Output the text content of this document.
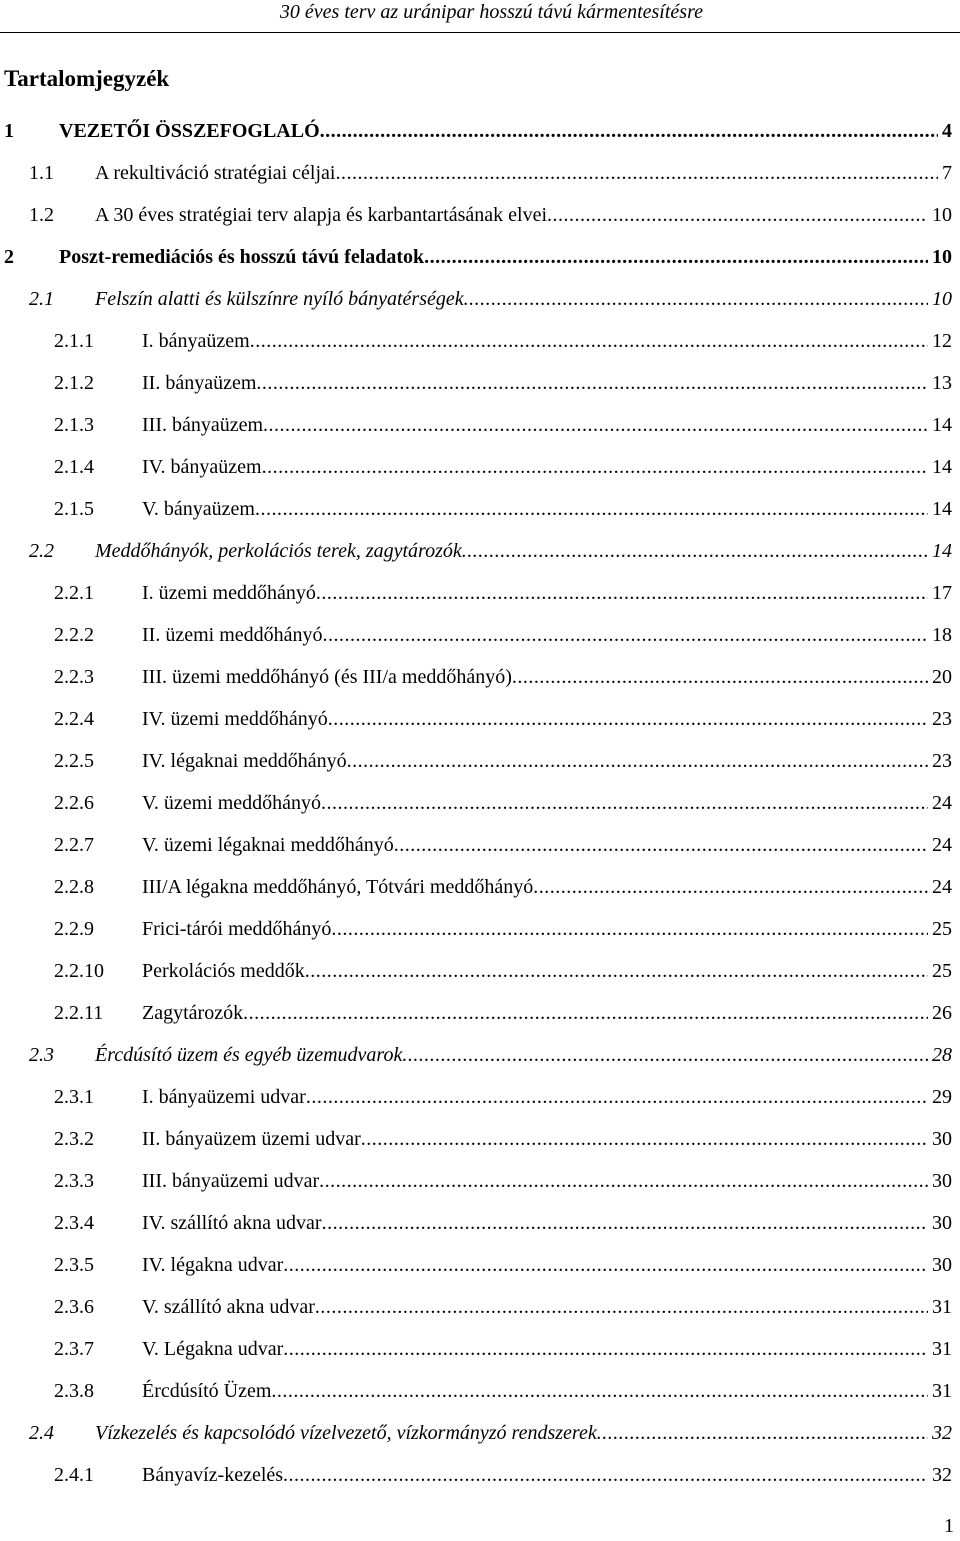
30 éves terv az uránipar hosszú távú kármentesítésre
Tartalomjegyzék
1	VEZETŐI ÖSSZEFOGLALÓ .....	4
1.1	A rekultiváció stratégiai céljai .....	7
1.2	A 30 éves stratégiai terv alapja és karbantartásának elvei .....	10
2	Poszt-remediációs és hosszú távú feladatok .....	10
2.1	Felszín alatti és külszínre nyíló bányatérségek .....	10
2.1.1	I. bányaüzem .....	12
2.1.2	II. bányaüzem .....	13
2.1.3	III. bányaüzem .....	14
2.1.4	IV. bányaüzem .....	14
2.1.5	V. bányaüzem .....	14
2.2	Meddőhányók, perkolációs terek, zagytározók .....	14
2.2.1	I. üzemi meddőhányó .....	17
2.2.2	II. üzemi meddőhányó .....	18
2.2.3	III. üzemi meddőhányó (és III/a meddőhányó) .....	20
2.2.4	IV. üzemi meddőhányó .....	23
2.2.5	IV. légaknai meddőhányó .....	23
2.2.6	V. üzemi meddőhányó .....	24
2.2.7	V. üzemi légaknai meddőhányó .....	24
2.2.8	III/A légakna meddőhányó, Tótvári meddőhányó .....	24
2.2.9	Frici-tárói meddőhányó .....	25
2.2.10	Perkolációs meddők .....	25
2.2.11	Zagytározók .....	26
2.3	Ércdúsító üzem és egyéb üzemudvarok .....	28
2.3.1	I. bányaüzemi udvar .....	29
2.3.2	II. bányaüzem üzemi udvar .....	30
2.3.3	III. bányaüzemi udvar .....	30
2.3.4	IV. szállító akna udvar .....	30
2.3.5	IV. légakna udvar .....	30
2.3.6	V. szállító akna udvar .....	31
2.3.7	V. Légakna udvar .....	31
2.3.8	Ércdúsító Üzem .....	31
2.4	Vízkezelés és kapcsolódó vízelvezető, vízkormányzó rendszerek .....	32
2.4.1	Bányavíz-kezelés .....	32
1
